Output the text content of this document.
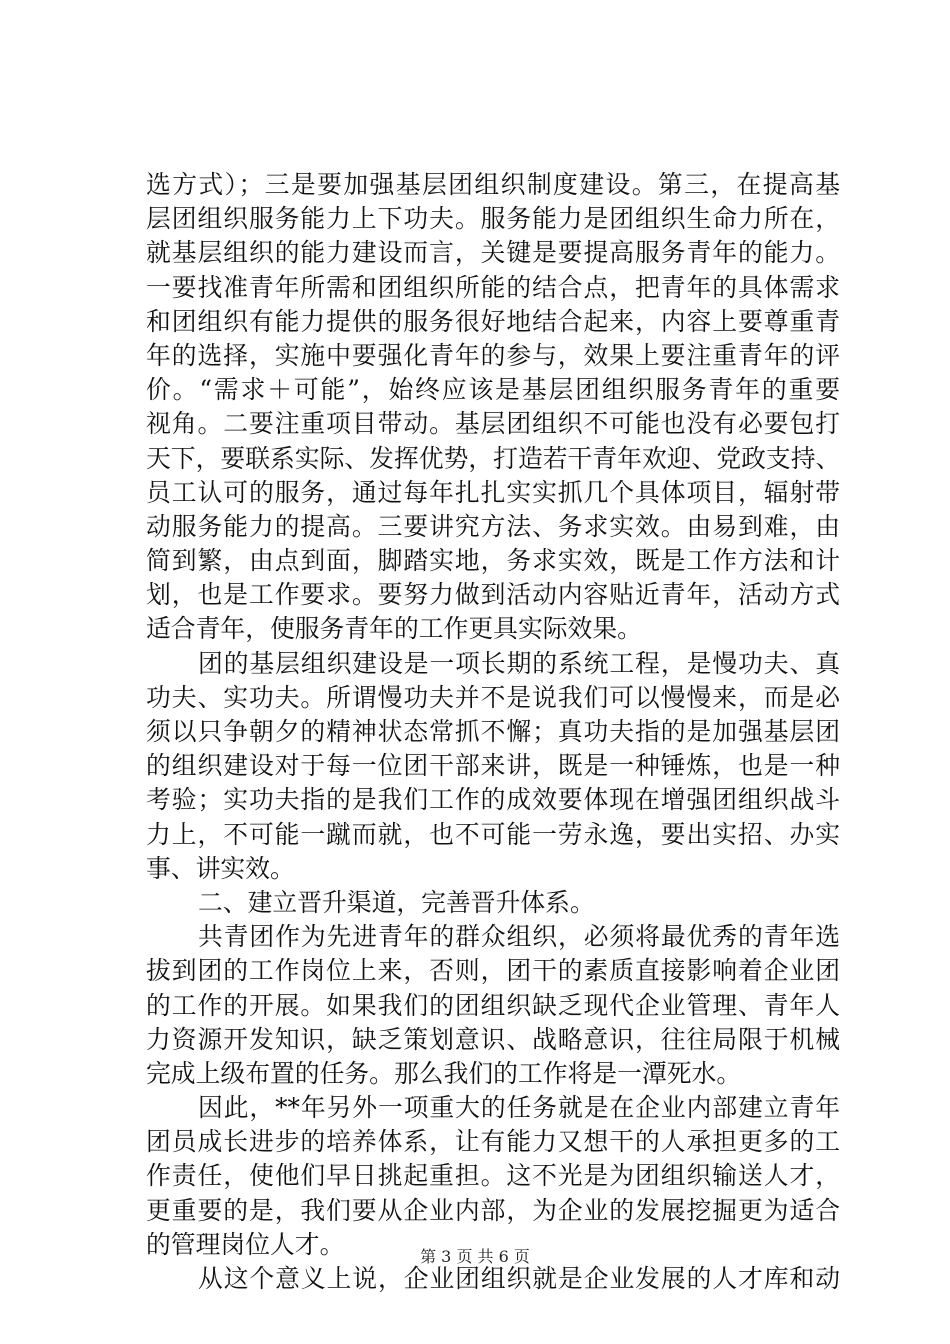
选方式）；三是要加强基层团组织制度建设。第三，在提高基
层团组织服务能力上下功夫。服务能力是团组织生命力所在，
就基层组织的能力建设而言，关键是要提高服务青年的能力。
一要找准青年所需和团组织所能的结合点，把青年的具体需求
和团组织有能力提供的服务很好地结合起来，内容上要尊重青
年的选择，实施中要强化青年的参与，效果上要注重青年的评
价。“需求＋可能”，始终应该是基层团组织服务青年的重要
视角。二要注重项目带动。基层团组织不可能也没有必要包打
天下，要联系实际、发挥优势，打造若干青年欢迎、党政支持、
员工认可的服务，通过每年扎扎实实抓几个具体项目，辐射带
动服务能力的提高。三要讲究方法、务求实效。由易到难，由
简到繁，由点到面，脚踏实地，务求实效，既是工作方法和计
划，也是工作要求。要努力做到活动内容贴近青年，活动方式
适合青年，使服务青年的工作更具实际效果。
团的基层组织建设是一项长期的系统工程，是慢功夫、真
功夫、实功夫。所谓慢功夫并不是说我们可以慢慢来，而是必
须以只争朝夕的精神状态常抓不懈；真功夫指的是加强基层团
的组织建设对于每一位团干部来讲，既是一种锤炼，也是一种
考验；实功夫指的是我们工作的成效要体现在增强团组织战斗
力上，不可能一蹴而就，也不可能一劳永逸，要出实招、办实
事、讲实效。
二、建立晋升渠道，完善晋升体系。
共青团作为先进青年的群众组织，必须将最优秀的青年选
拔到团的工作岗位上来，否则，团干的素质直接影响着企业团
的工作的开展。如果我们的团组织缺乏现代企业管理、青年人
力资源开发知识，缺乏策划意识、战略意识，往往局限于机械
完成上级布置的任务。那么我们的工作将是一潭死水。
因此，**年另外一项重大的任务就是在企业内部建立青年
团员成长进步的培养体系，让有能力又想干的人承担更多的工
作责任，使他们早日挑起重担。这不光是为团组织输送人才，
更重要的是，我们要从企业内部，为企业的发展挖掘更为适合
的管理岗位人才。
从这个意义上说，企业团组织就是企业发展的人才库和动
第 3 页 共 6 页
